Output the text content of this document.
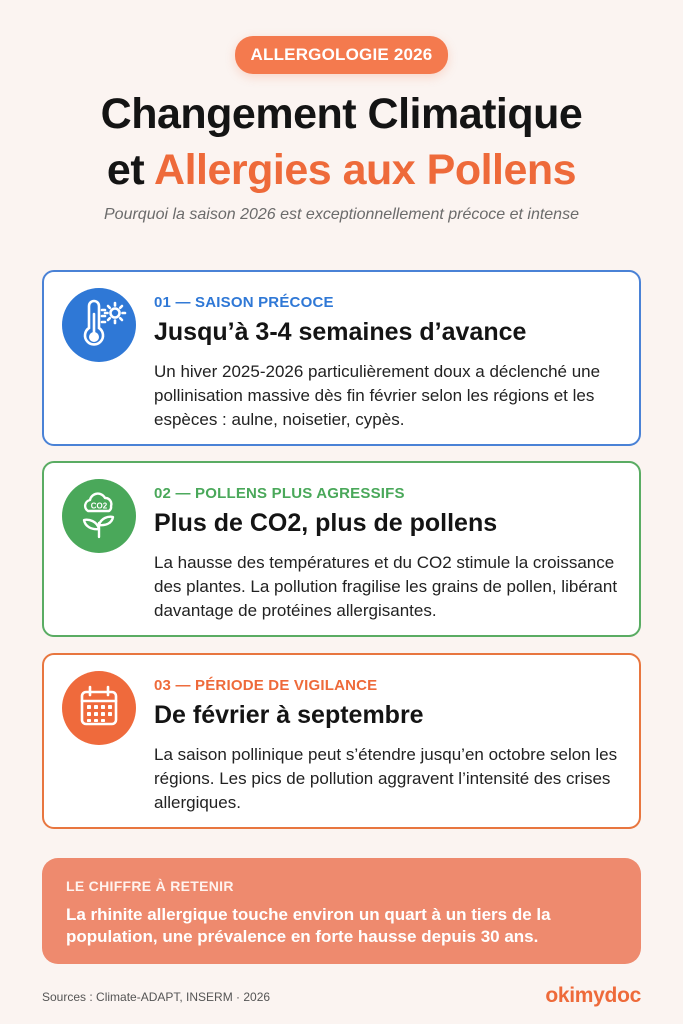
ALLERGOLOGIE 2026
Changement Climatique
et Allergies aux Pollens
Pourquoi la saison 2026 est exceptionnellement précoce et intense
01 — SAISON PRÉCOCE
Jusqu’à 3-4 semaines d’avance
Un hiver 2025-2026 particulièrement doux a déclenché une pollinisation massive dès fin février selon les régions et les espèces : aulne, noisetier, cypès.
CO2
02 — POLLENS PLUS AGRESSIFS
Plus de CO2, plus de pollens
La hausse des températures et du CO2 stimule la croissance des plantes. La pollution fragilise les grains de pollen, libérant davantage de protéines allergisantes.
03 — PÉRIODE DE VIGILANCE
De février à septembre
La saison pollinique peut s’étendre jusqu’en octobre selon les régions. Les pics de pollution aggravent l’intensité des crises allergiques.
LE CHIFFRE À RETENIR
La rhinite allergique touche environ un quart à un tiers de la population, une prévalence en forte hausse depuis 30 ans.
Sources : Climate-ADAPT, INSERM · 2026	okimydoc
